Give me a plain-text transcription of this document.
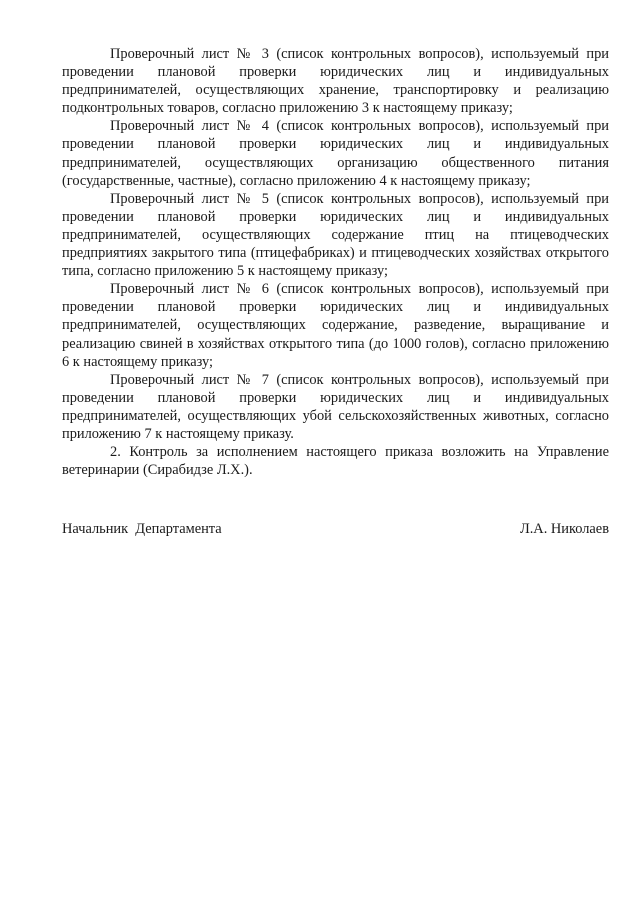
Проверочный лист № 3 (список контрольных вопросов), используемый при проведении плановой проверки юридических лиц и индивидуальных предпринимателей, осуществляющих хранение, транспортировку и реализацию подконтрольных товаров, согласно приложению 3 к настоящему приказу;

Проверочный лист № 4 (список контрольных вопросов), используемый при проведении плановой проверки юридических лиц и индивидуальных предпринимателей, осуществляющих организацию общественного питания (государственные, частные), согласно приложению 4 к настоящему приказу;

Проверочный лист № 5 (список контрольных вопросов), используемый при проведении плановой проверки юридических лиц и индивидуальных предпринимателей, осуществляющих содержание птиц на птицеводческих предприятиях закрытого типа (птицефабриках) и птицеводческих хозяйствах открытого типа, согласно приложению 5 к настоящему приказу;

Проверочный лист № 6 (список контрольных вопросов), используемый при проведении плановой проверки юридических лиц и индивидуальных предпринимателей, осуществляющих содержание, разведение, выращивание и реализацию свиней в хозяйствах открытого типа (до 1000 голов), согласно приложению 6 к настоящему приказу;

Проверочный лист № 7 (список контрольных вопросов), используемый при проведении плановой проверки юридических лиц и индивидуальных предпринимателей, осуществляющих убой сельскохозяйственных животных, согласно приложению 7 к настоящему приказу.

2. Контроль за исполнением настоящего приказа возложить на Управление ветеринарии (Сирабидзе Л.Х.).

Начальник  Департамента	Л.А. Николаев
